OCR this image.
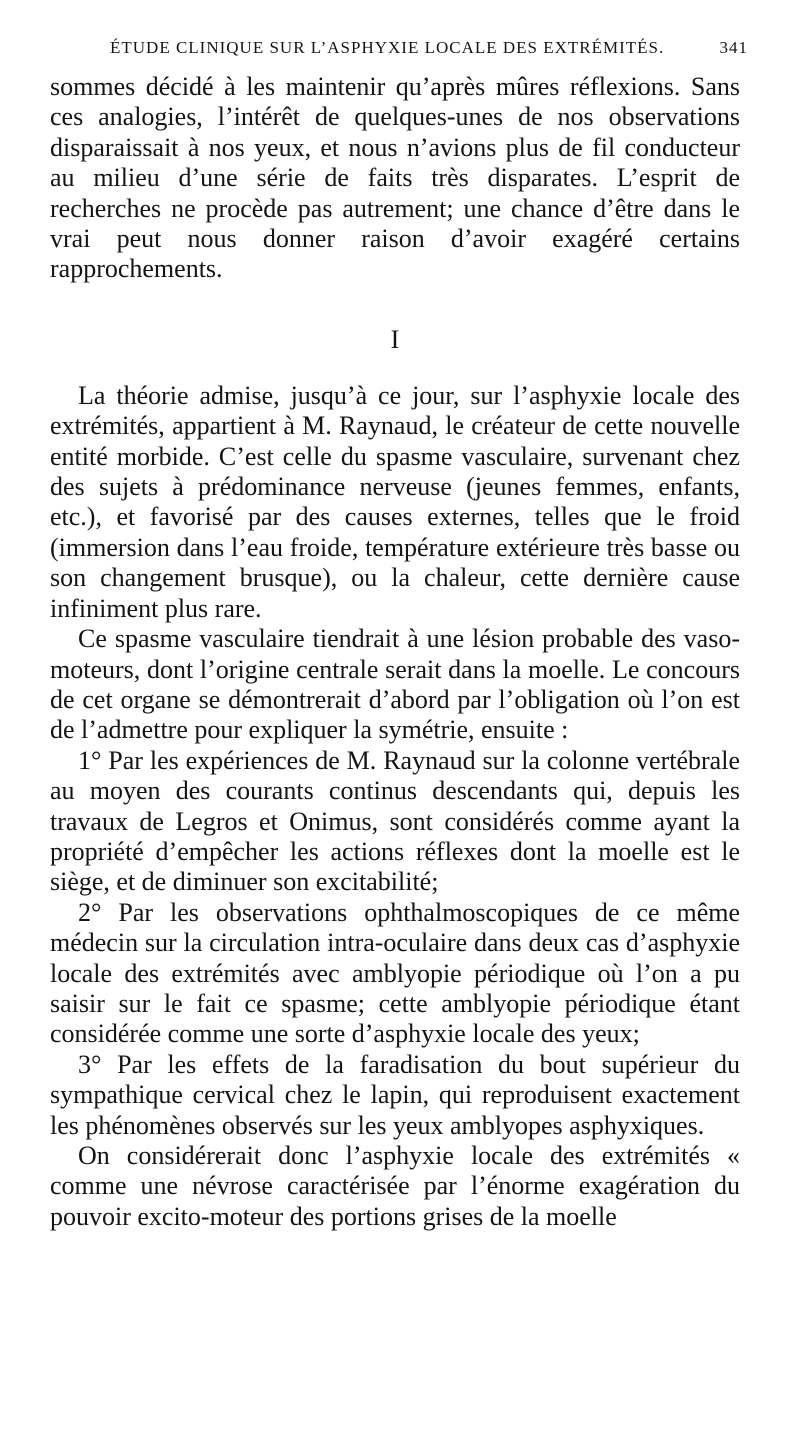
ÉTUDE CLINIQUE SUR L’ASPHYXIE LOCALE DES EXTRÉMITÉS.	341

sommes décidé à les maintenir qu’après mûres réflexions. Sans ces analogies, l’intérêt de quelques-unes de nos observations disparaissait à nos yeux, et nous n’avions plus de fil conducteur au milieu d’une série de faits très disparates. L’esprit de recherches ne procède pas autrement; une chance d’être dans le vrai peut nous donner raison d’avoir exagéré certains rapprochements.

I

La théorie admise, jusqu’à ce jour, sur l’asphyxie locale des extrémités, appartient à M. Raynaud, le créateur de cette nouvelle entité morbide. C’est celle du spasme vasculaire, survenant chez des sujets à prédominance nerveuse (jeunes femmes, enfants, etc.), et favorisé par des causes externes, telles que le froid (immersion dans l’eau froide, température extérieure très basse ou son changement brusque), ou la chaleur, cette dernière cause infiniment plus rare.

Ce spasme vasculaire tiendrait à une lésion probable des vaso-moteurs, dont l’origine centrale serait dans la moelle. Le concours de cet organe se démontrerait d’abord par l’obligation où l’on est de l’admettre pour expliquer la symétrie, ensuite :

1° Par les expériences de M. Raynaud sur la colonne vertébrale au moyen des courants continus descendants qui, depuis les travaux de Legros et Onimus, sont considérés comme ayant la propriété d’empêcher les actions réflexes dont la moelle est le siège, et de diminuer son excitabilité;

2° Par les observations ophthalmoscopiques de ce même médecin sur la circulation intra-oculaire dans deux cas d’asphyxie locale des extrémités avec amblyopie périodique où l’on a pu saisir sur le fait ce spasme; cette amblyopie périodique étant considérée comme une sorte d’asphyxie locale des yeux;

3° Par les effets de la faradisation du bout supérieur du sympathique cervical chez le lapin, qui reproduisent exactement les phénomènes observés sur les yeux amblyopes asphyxiques.

On considérerait donc l’asphyxie locale des extrémités « comme une névrose caractérisée par l’énorme exagération du pouvoir excito-moteur des portions grises de la moelle
